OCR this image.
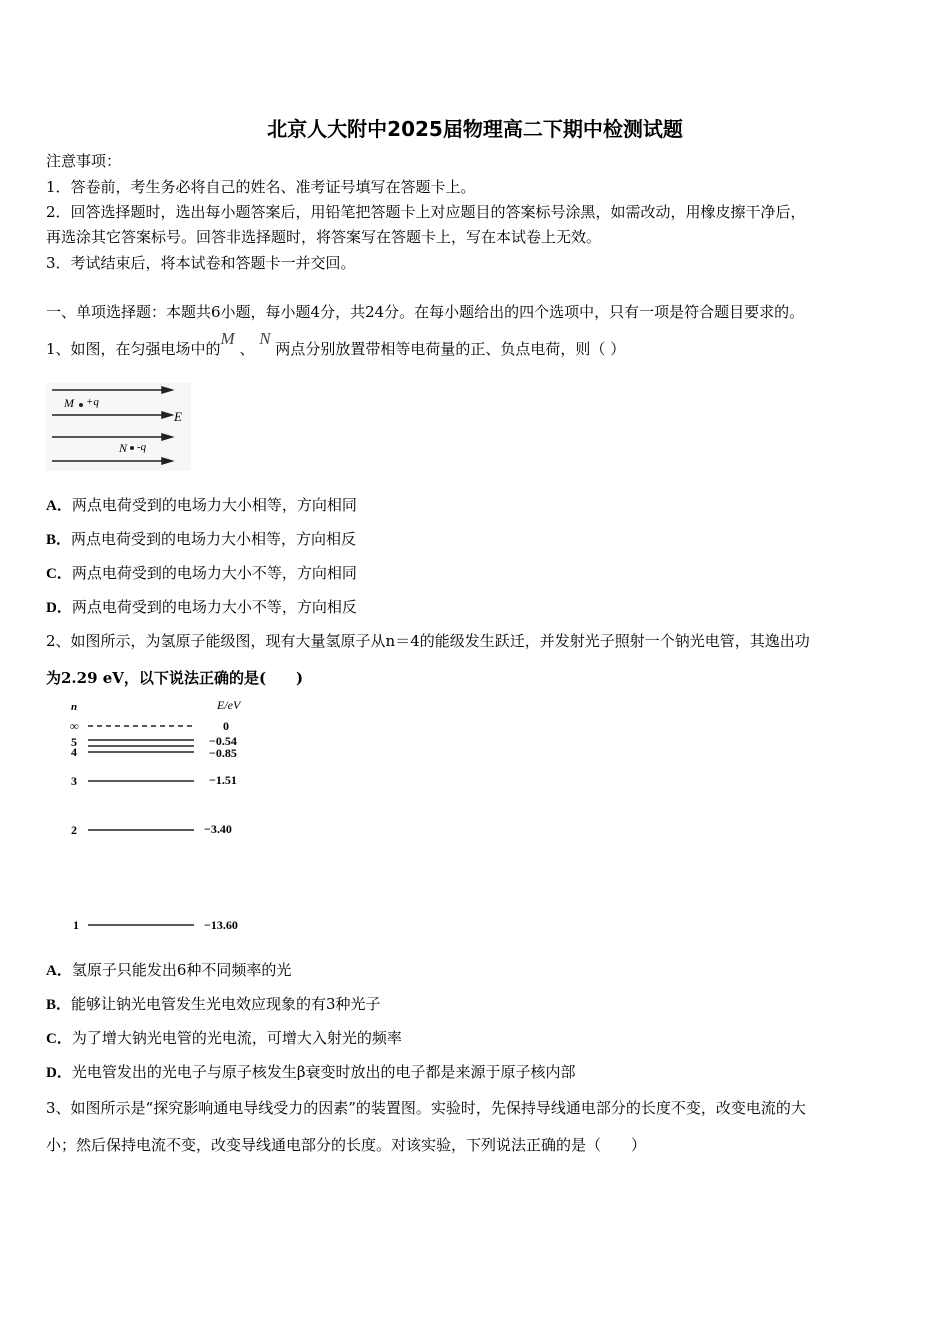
北京人大附中2025届物理高二下期中检测试题
注意事项：
1．答卷前，考生务必将自己的姓名、准考证号填写在答题卡上。
2．回答选择题时，选出每小题答案后，用铅笔把答题卡上对应题目的答案标号涂黑，如需改动，用橡皮擦干净后，
再选涂其它答案标号。回答非选择题时，将答案写在答题卡上，写在本试卷上无效。
3．考试结束后，将本试卷和答题卡一并交回。
一、单项选择题：本题共6小题，每小题4分，共24分。在每小题给出的四个选项中，只有一项是符合题目要求的。
1、如图，在匀强电场中的M 、 N 两点分别放置带相等电荷量的正、负点电荷，则（ ）
M +q
N -q
E
A．两点电荷受到的电场力大小相等，方向相同
B．两点电荷受到的电场力大小相等，方向相反
C．两点电荷受到的电场力大小不等，方向相同
D．两点电荷受到的电场力大小不等，方向相反
2、如图所示，为氢原子能级图，现有大量氢原子从n＝4的能级发生跃迁，并发射光子照射一个钠光电管，其逸出功
为2.29 eV，以下说法正确的是(　　)
n	E/eV
∞
5
4
3
2
1
0
−0.54
−0.85
−1.51
−3.40
−13.60
A．氢原子只能发出6种不同频率的光
B．能够让钠光电管发生光电效应现象的有3种光子
C．为了增大钠光电管的光电流，可增大入射光的频率
D．光电管发出的光电子与原子核发生β衰变时放出的电子都是来源于原子核内部
3、如图所示是“探究影响通电导线受力的因素”的装置图。实验时，先保持导线通电部分的长度不变，改变电流的大
小；然后保持电流不变，改变导线通电部分的长度。对该实验，下列说法正确的是（　　）
